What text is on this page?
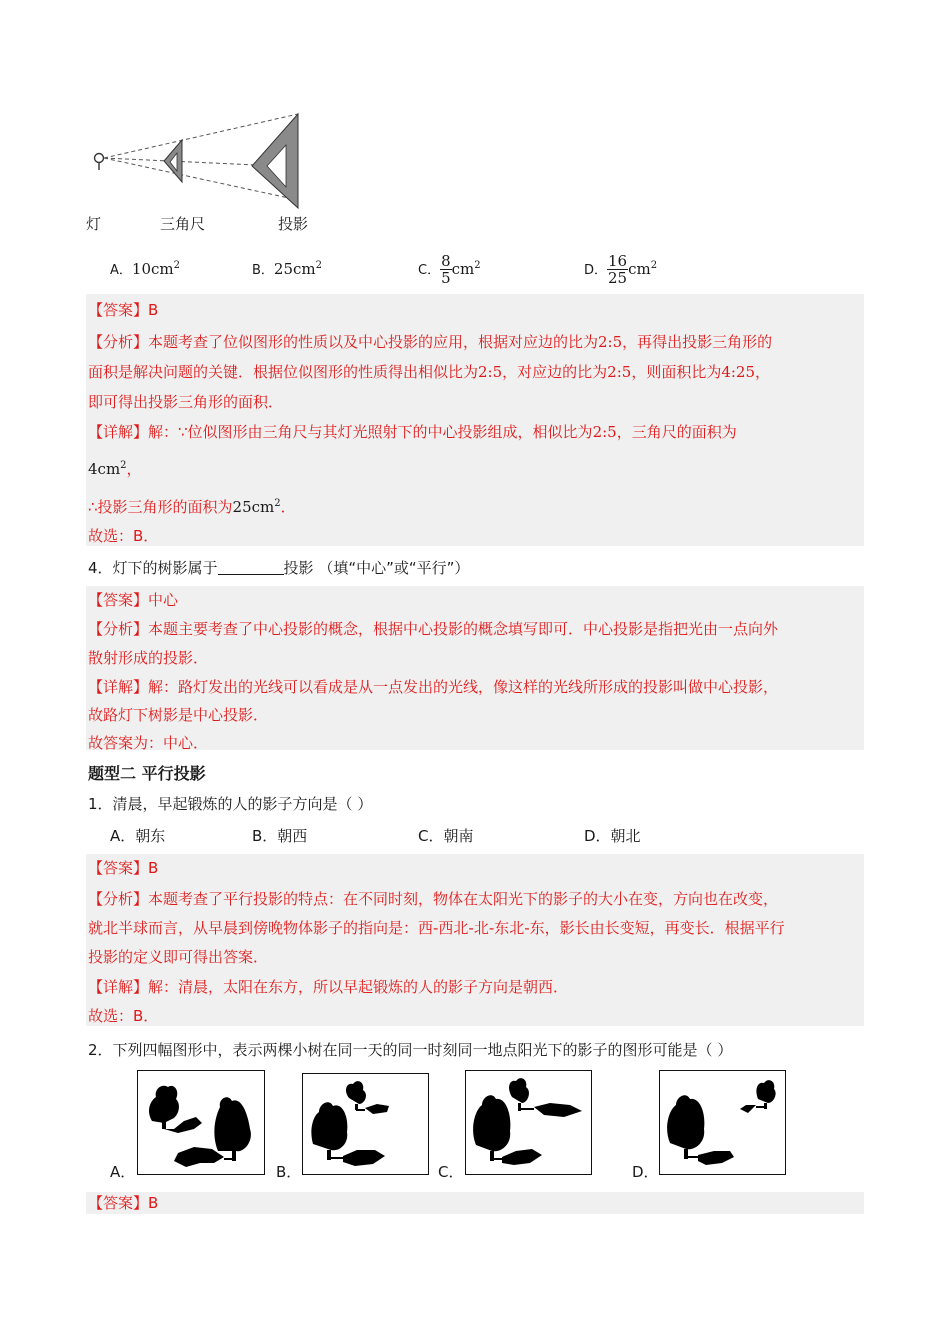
灯	三角尺	投影
A．$10cm^2$	B．$25cm^2$	C． $\frac{8}{5} cm^2$	D． $\frac{16}{25} cm^2$
【答案】B
【分析】本题考查了位似图形的性质以及中心投影的应用，根据对应边的比为2:5，再得出投影三角形的
面积是解决问题的关键．根据位似图形的性质得出相似比为2:5，对应边的比为2:5，则面积比为4:25，
即可得出投影三角形的面积．
【详解】解：∵位似图形由三角尺与其灯光照射下的中心投影组成，相似比为2:5，三角尺的面积为
$4cm^2$，
∴投影三角形的面积为$25cm^2$．
故选：B．
4．灯下的树影属于	投影 （填“中心”或“平行”）
【答案】中心
【分析】本题主要考查了中心投影的概念，根据中心投影的概念填写即可．中心投影是指把光由一点向外
散射形成的投影．
【详解】解：路灯发出的光线可以看成是从一点发出的光线，像这样的光线所形成的投影叫做中心投影，
故路灯下树影是中心投影．
故答案为：中心．
题型二 平行投影
1．清晨，早起锻炼的人的影子方向是（ ）
A．朝东	B．朝西	C．朝南	D．朝北
【答案】B
【分析】本题考查了平行投影的特点：在不同时刻，物体在太阳光下的影子的大小在变，方向也在改变，
就北半球而言，从早晨到傍晚物体影子的指向是：西-西北-北-东北-东，影长由长变短，再变长．根据平行
投影的定义即可得出答案．
【详解】解：清晨，太阳在东方，所以早起锻炼的人的影子方向是朝西．
故选：B．
2．下列四幅图形中，表示两棵小树在同一天的同一时刻同一地点阳光下的影子的图形可能是（ ）
A．	B．	C．	D．
【答案】B
